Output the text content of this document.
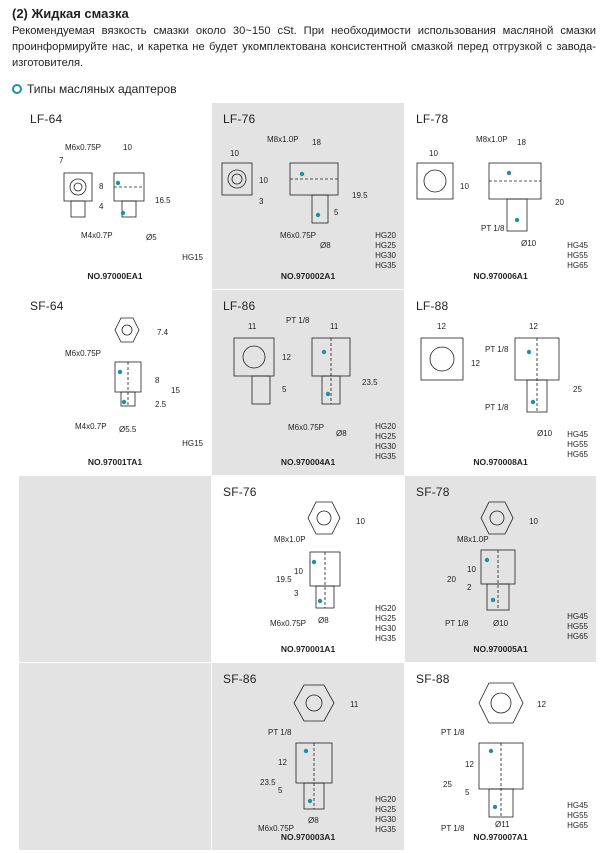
(2) Жидкая смазка
Рекомендуемая вязкость смазки около 30~150 cSt. При необходимости использования масляной смазки проинформируйте нас, и каретка не будет укомплектована консистентной смазкой перед отгрузкой с завода-изготовителя.
Типы масляных адаптеров
LF-64
M6x0.75P	10
7
8
4
16.5
M4x0.7P	Ø5
HG15
NO.97000EA1
LF-76
M8x1.0P 18
10
10
3
19.5
5
M6x0.75P
Ø8
HG20
HG25
HG30
HG35
NO.970002A1
LF-78
M8x1.0P 18
10
10
20
PT 1/8
Ø10	HG45
HG55
HG65
NO.970006A1
SF-64
7.4
M6x0.75P
8
15
2.5
M4x0.7P Ø5.5
HG15
NO.97001TA1
LF-86
11
PT 1/8
11
12
23.5
5
M6x0.75P
Ø8
HG20
HG25
HG30
HG35
NO.970004A1
LF-88
12	12
PT 1/8
12
25
PT 1/8
Ø10 HG45
HG55
HG65
NO.970008A1
SF-76
10
M8x1.0P
10
19.5
3
M6x0.75P Ø8
HG20
HG25
HG30
HG35
NO.970001A1
SF-78
10
M8x1.0P
10
20
2
PT 1/8	Ø10
HG45
HG55
HG65
NO.970005A1
SF-86
11
PT 1/8
12
23.5
5
M6x0.75P
Ø8
HG20
HG25
HG30
HG35
NO.970003A1
SF-88
12
PT 1/8
12
25
5
PT 1/8	Ø11
HG45
HG55
HG65
NO.970007A1
